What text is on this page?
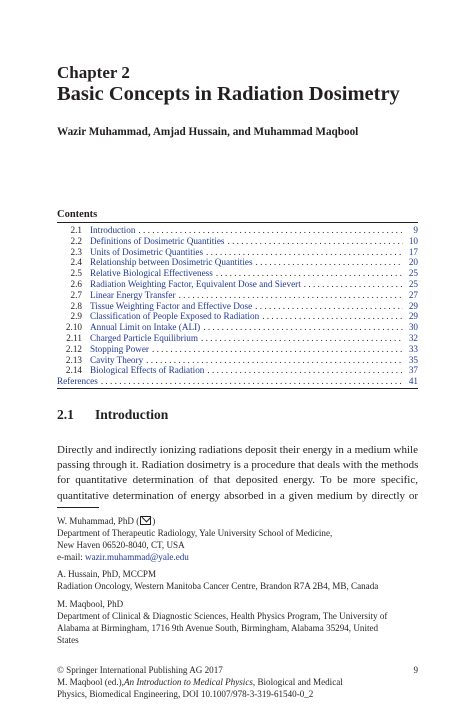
Chapter 2
Basic Concepts in Radiation Dosimetry
Wazir Muhammad, Amjad Hussain, and Muhammad Maqbool
Contents
2.1 Introduction . . .	9
2.2 Definitions of Dosimetric Quantities . . .	10
2.3 Units of Dosimetric Quantities . . .	17
2.4 Relationship between Dosimetric Quantities . . .	20
2.5 Relative Biological Effectiveness . . .	25
2.6 Radiation Weighting Factor, Equivalent Dose and Sievert . . .	25
2.7 Linear Energy Transfer . . .	27
2.8 Tissue Weighting Factor and Effective Dose . . .	29
2.9 Classification of People Exposed to Radiation . . .	29
2.10 Annual Limit on Intake (ALI) . . .	30
2.11 Charged Particle Equilibrium . . .	32
2.12 Stopping Power . . .	33
2.13 Cavity Theory . . .	35
2.14 Biological Effects of Radiation . . .	37
References . . .	41
2.1 Introduction
Directly and indirectly ionizing radiations deposit their energy in a medium while
passing through it. Radiation dosimetry is a procedure that deals with the methods
for quantitative determination of that deposited energy. To be more specific,
quantitative determination of energy absorbed in a given medium by directly or
W. Muhammad, PhD ( )
Department of Therapeutic Radiology, Yale University School of Medicine,
New Haven 06520-8040, CT, USA
e-mail: wazir.muhammad@yale.edu
A. Hussain, PhD, MCCPM
Radiation Oncology, Western Manitoba Cancer Centre, Brandon R7A 2B4, MB, Canada
M. Maqbool, PhD
Department of Clinical & Diagnostic Sciences, Health Physics Program, The University of
Alabama at Birmingham, 1716 9th Avenue South, Birmingham, Alabama 35294, United
States
© Springer International Publishing AG 2017	9
M. Maqbool (ed.), An Introduction to Medical Physics , Biological and Medical
Physics, Biomedical Engineering, DOI 10.1007/978-3-319-61540-0_2
